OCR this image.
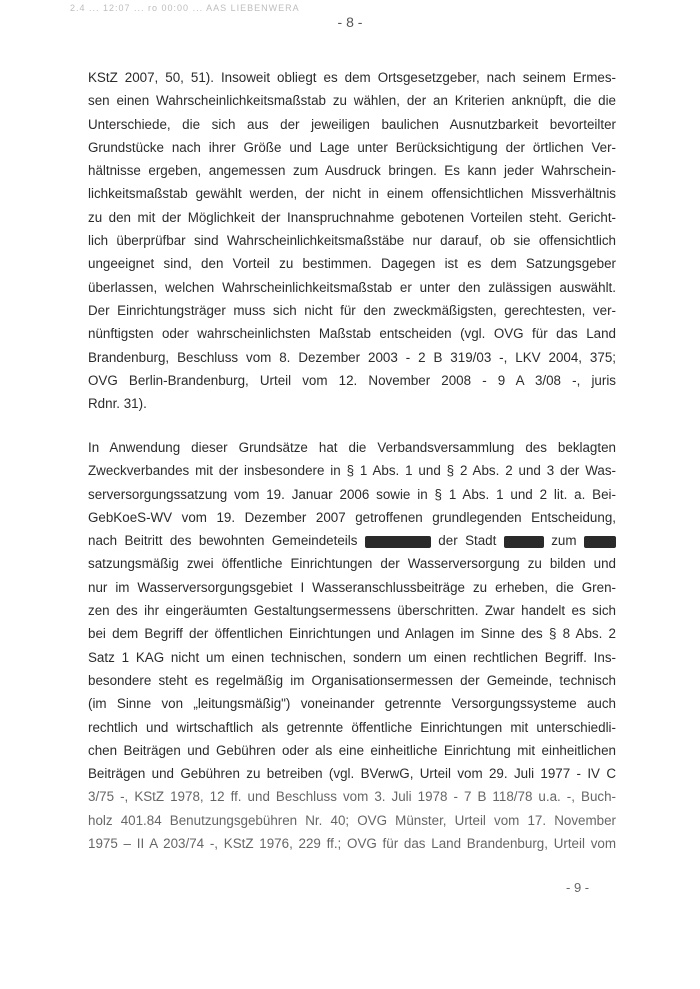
2.4 ... 12:07 ... ro 00:00 ... AAS LIEBENWERA
- 8 -

KStZ 2007, 50, 51). Insoweit obliegt es dem Ortsgesetzgeber, nach seinem Ermes-
sen einen Wahrscheinlichkeitsmaßstab zu wählen, der an Kriterien anknüpft, die die
Unterschiede, die sich aus der jeweiligen baulichen Ausnutzbarkeit bevorteilter
Grundstücke nach ihrer Größe und Lage unter Berücksichtigung der örtlichen Ver-
hältnisse ergeben, angemessen zum Ausdruck bringen. Es kann jeder Wahrschein-
lichkeitsmaßstab gewählt werden, der nicht in einem offensichtlichen Missverhältnis
zu den mit der Möglichkeit der Inanspruchnahme gebotenen Vorteilen steht. Gericht-
lich überprüfbar sind Wahrscheinlichkeitsmaßstäbe nur darauf, ob sie offensichtlich
ungeeignet sind, den Vorteil zu bestimmen. Dagegen ist es dem Satzungsgeber
überlassen, welchen Wahrscheinlichkeitsmaßstab er unter den zulässigen auswählt.
Der Einrichtungsträger muss sich nicht für den zweckmäßigsten, gerechtesten, ver-
nünftigsten oder wahrscheinlichsten Maßstab entscheiden (vgl. OVG für das Land
Brandenburg, Beschluss vom 8. Dezember 2003 - 2 B 319/03 -, LKV 2004, 375;
OVG Berlin-Brandenburg, Urteil vom 12. November 2008 - 9 A 3/08 -, juris
Rdnr. 31).

In Anwendung dieser Grundsätze hat die Verbandsversammlung des beklagten
Zweckverbandes mit der insbesondere in § 1 Abs. 1 und § 2 Abs. 2 und 3 der Was-
serversorgungssatzung vom 19. Januar 2006 sowie in § 1 Abs. 1 und 2 lit. a. Bei-
GebKoeS-WV vom 19. Dezember 2007 getroffenen grundlegenden Entscheidung,
nach Beitritt des bewohnten Gemeindeteils	der Stadt	zum
satzungsmäßig zwei öffentliche Einrichtungen der Wasserversorgung zu bilden und
nur im Wasserversorgungsgebiet I Wasseranschlussbeiträge zu erheben, die Gren-
zen des ihr eingeräumten Gestaltungsermessens überschritten. Zwar handelt es sich
bei dem Begriff der öffentlichen Einrichtungen und Anlagen im Sinne des § 8 Abs. 2
Satz 1 KAG nicht um einen technischen, sondern um einen rechtlichen Begriff. Ins-
besondere steht es regelmäßig im Organisationsermessen der Gemeinde, technisch
(im Sinne von „leitungsmäßig") voneinander getrennte Versorgungssysteme auch
rechtlich und wirtschaftlich als getrennte öffentliche Einrichtungen mit unterschiedli-
chen Beiträgen und Gebühren oder als eine einheitliche Einrichtung mit einheitlichen
Beiträgen und Gebühren zu betreiben (vgl. BVerwG, Urteil vom 29. Juli 1977 - IV C
3/75 -, KStZ 1978, 12 ff. und Beschluss vom 3. Juli 1978 - 7 B 118/78 u.a. -, Buch-
holz 401.84 Benutzungsgebühren Nr. 40; OVG Münster, Urteil vom 17. November
1975 – II A 203/74 -, KStZ 1976, 229 ff.; OVG für das Land Brandenburg, Urteil vom

- 9 -
